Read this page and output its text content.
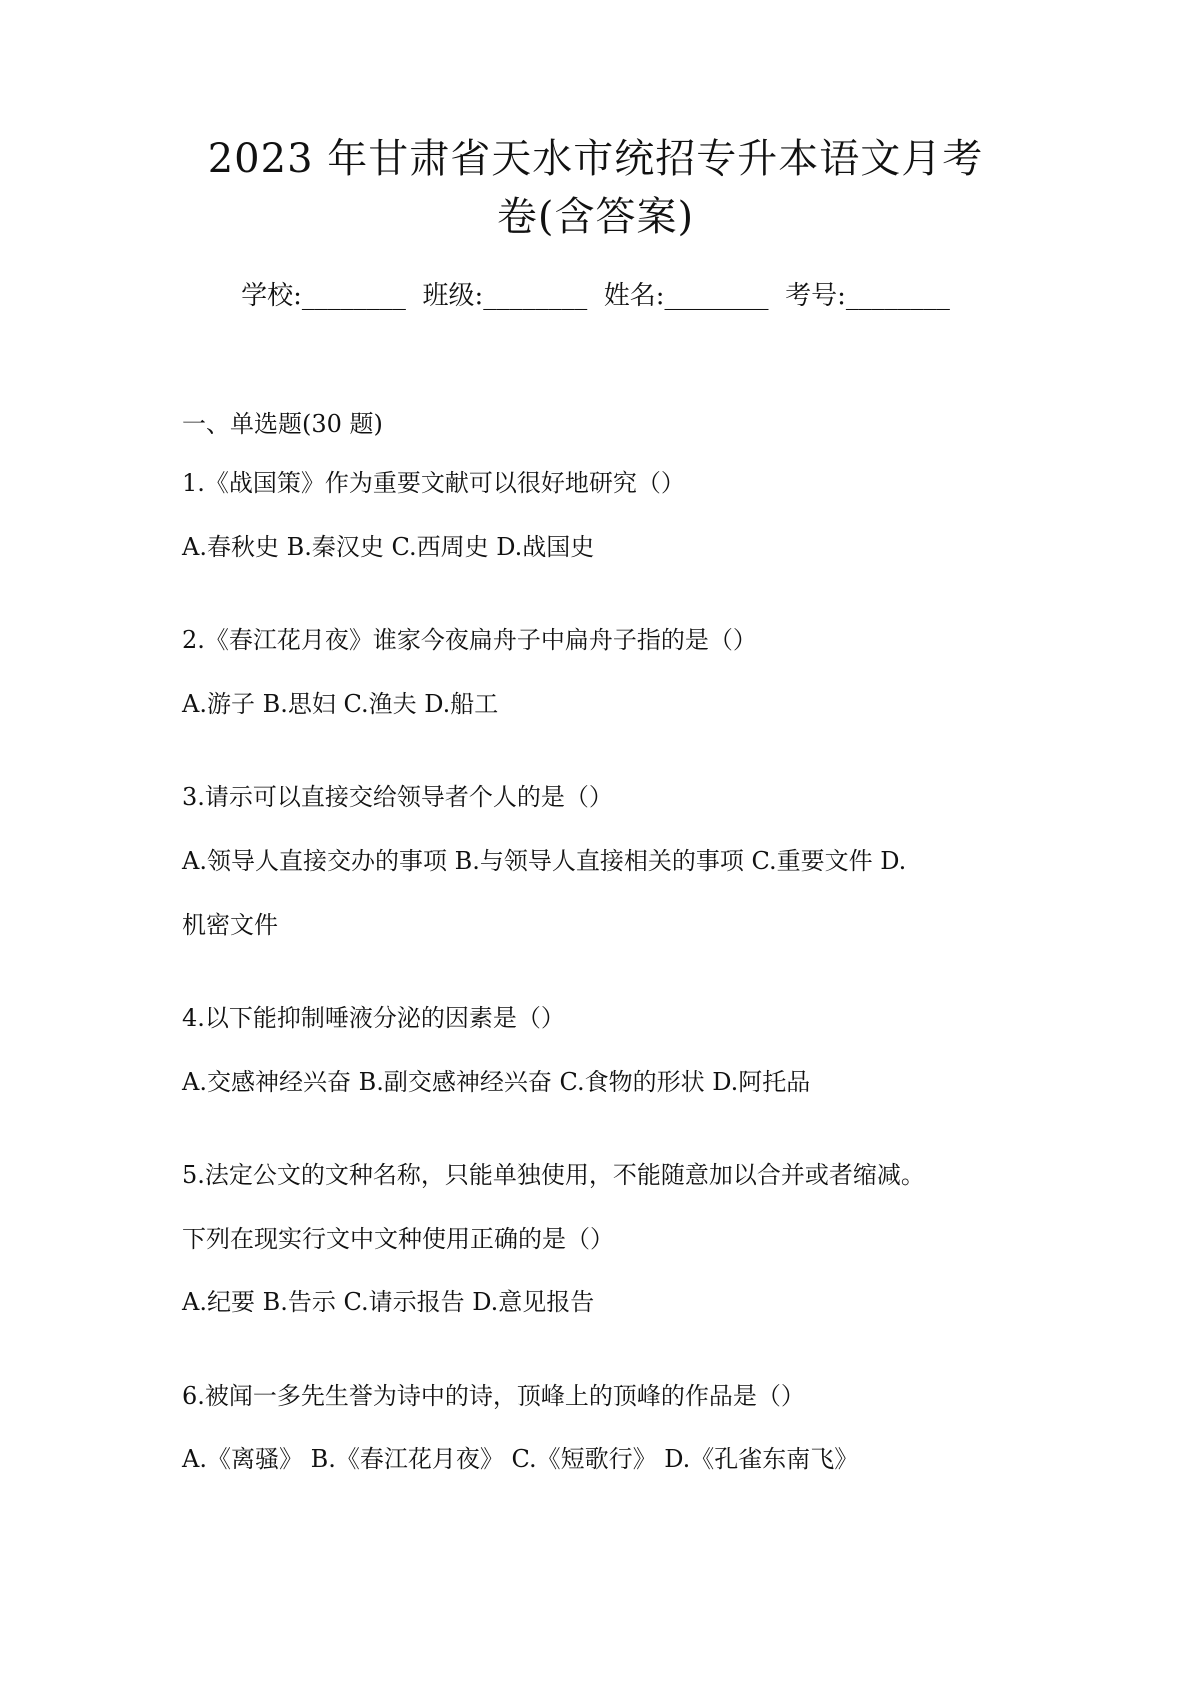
2023 年甘肃省天水市统招专升本语文月考
卷(含答案)
学校:________ 班级:________ 姓名:________ 考号:________
一、单选题(30 题)
1.《战国策》作为重要文献可以很好地研究（）
A.春秋史 B.秦汉史 C.西周史 D.战国史
2.《春江花月夜》谁家今夜扁舟子中扁舟子指的是（）
A.游子 B.思妇 C.渔夫 D.船工
3.请示可以直接交给领导者个人的是（）
A.领导人直接交办的事项 B.与领导人直接相关的事项 C.重要文件 D.
机密文件
4.以下能抑制唾液分泌的因素是（）
A.交感神经兴奋 B.副交感神经兴奋 C.食物的形状 D.阿托品
5.法定公文的文种名称，只能单独使用，不能随意加以合并或者缩减。
下列在现实行文中文种使用正确的是（）
A.纪要 B.告示 C.请示报告 D.意见报告
6.被闻一多先生誉为诗中的诗，顶峰上的顶峰的作品是（）
A.《离骚》 B.《春江花月夜》 C.《短歌行》 D.《孔雀东南飞》
